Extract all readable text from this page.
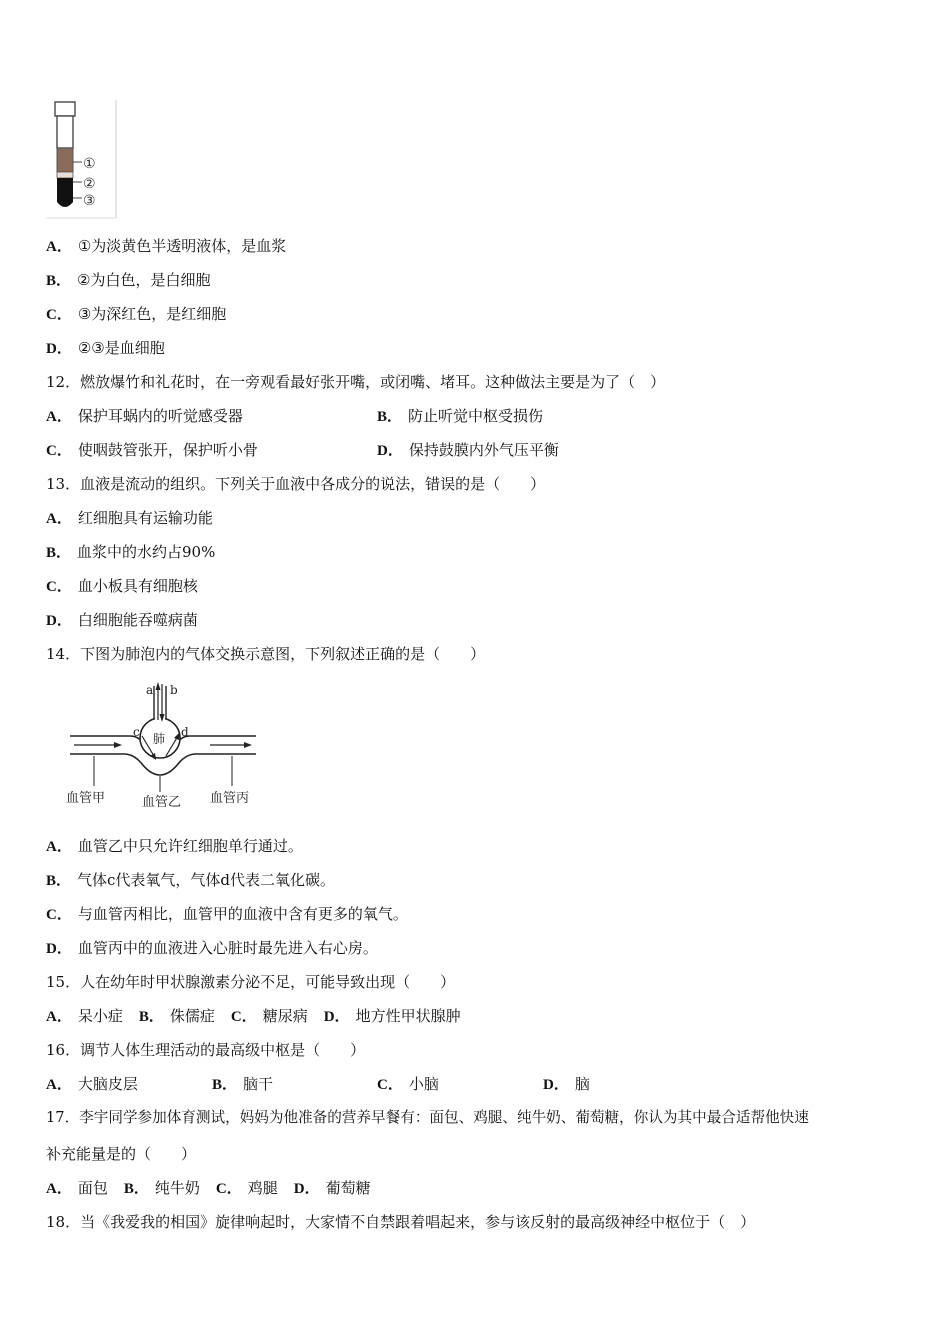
①
②
③
A． ①为淡黄色半透明液体，是血浆
B． ②为白色，是白细胞
C． ③为深红色，是红细胞
D． ②③是血细胞
12．燃放爆竹和礼花时，在一旁观看最好张开嘴，或闭嘴、堵耳。这种做法主要是为了（　）
A． 保护耳蜗内的听觉感受器	B． 防止听觉中枢受损伤
C． 使咽鼓管张开，保护听小骨	D． 保持鼓膜内外气压平衡
13．血液是流动的组织。下列关于血液中各成分的说法，错误的是（　　）
A． 红细胞具有运输功能
B． 血浆中的水约占90%
C． 血小板具有细胞核
D． 白细胞能吞噬病菌
14．下图为肺泡内的气体交换示意图，下列叙述正确的是（　　）
a b
肺
c	d
血管甲	血管乙 血管丙
A． 血管乙中只允许红细胞单行通过。
B． 气体c代表氧气，气体d代表二氧化碳。
C． 与血管丙相比，血管甲的血液中含有更多的氧气。
D． 血管丙中的血液进入心脏时最先进入右心房。
15．人在幼年时甲状腺激素分泌不足，可能导致出现（　　）
A． 呆小症 B． 侏儒症 C． 糖尿病 D． 地方性甲状腺肿
16．调节人体生理活动的最高级中枢是（　　）
A． 大脑皮层	B． 脑干	C． 小脑	D． 脑
17．李宇同学参加体育测试，妈妈为他准备的营养早餐有：面包、鸡腿、纯牛奶、葡萄糖，你认为其中最合适帮他快速
补充能量是的（　　）
A． 面包 B． 纯牛奶 C． 鸡腿 D． 葡萄糖
18．当《我爱我的相国》旋律响起时，大家情不自禁跟着唱起来，参与该反射的最高级神经中枢位于（　）
